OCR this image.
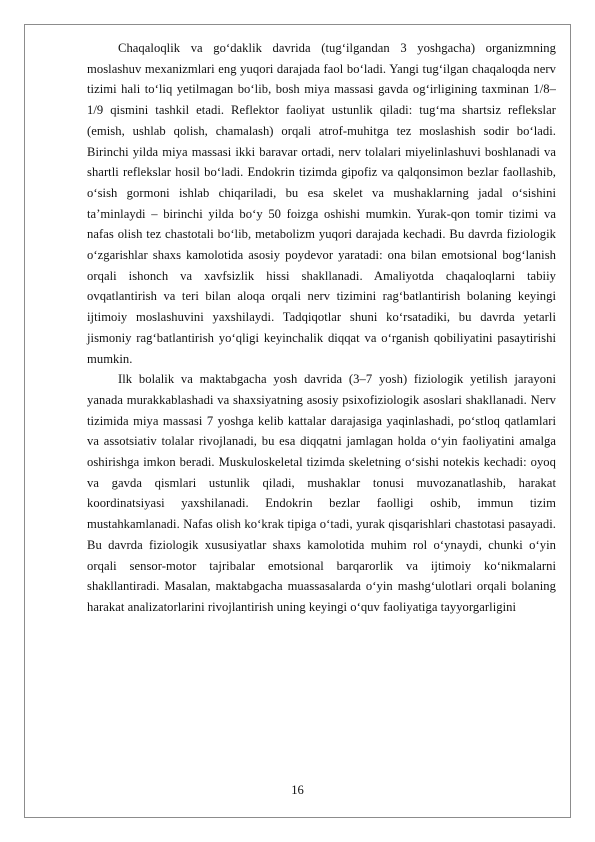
Chaqaloqlik va go‘daklik davrida (tug‘ilgandan 3 yoshgacha) organizmning moslashuv mexanizmlari eng yuqori darajada faol bo‘ladi. Yangi tug‘ilgan chaqaloqda nerv tizimi hali to‘liq yetilmagan bo‘lib, bosh miya massasi gavda og‘irligining taxminan 1/8–1/9 qismini tashkil etadi. Reflektor faoliyat ustunlik qiladi: tug‘ma shartsiz reflekslar (emish, ushlab qolish, chamalash) orqali atrof-muhitga tez moslashish sodir bo‘ladi. Birinchi yilda miya massasi ikki baravar ortadi, nerv tolalari miyelinlashuvi boshlanadi va shartli reflekslar hosil bo‘ladi. Endokrin tizimda gipofiz va qalqonsimon bezlar faollashib, o‘sish gormoni ishlab chiqariladi, bu esa skelet va mushaklarning jadal o‘sishini ta’minlaydi – birinchi yilda bo‘y 50 foizga oshishi mumkin. Yurak-qon tomir tizimi va nafas olish tez chastotali bo‘lib, metabolizm yuqori darajada kechadi. Bu davrda fiziologik o‘zgarishlar shaxs kamolotida asosiy poydevor yaratadi: ona bilan emotsional bog‘lanish orqali ishonch va xavfsizlik hissi shakllanadi. Amaliyotda chaqaloqlarni tabiiy ovqatlantirish va teri bilan aloqa orqali nerv tizimini rag‘batlantirish bolaning keyingi ijtimoiy moslashuvini yaxshilaydi. Tadqiqotlar shuni ko‘rsatadiki, bu davrda yetarli jismoniy rag‘batlantirish yo‘qligi keyinchalik diqqat va o‘rganish qobiliyatini pasaytirishi mumkin.

Ilk bolalik va maktabgacha yosh davrida (3–7 yosh) fiziologik yetilish jarayoni yanada murakkablashadi va shaxsiyatning asosiy psixofiziologik asoslari shakllanadi. Nerv tizimida miya massasi 7 yoshga kelib kattalar darajasiga yaqinlashadi, po‘stloq qatlamlari va assotsiativ tolalar rivojlanadi, bu esa diqqatni jamlagan holda o‘yin faoliyatini amalga oshirishga imkon beradi. Muskuloskeletal tizimda skeletning o‘sishi notekis kechadi: oyoq va gavda qismlari ustunlik qiladi, mushaklar tonusi muvozanatlashib, harakat koordinatsiyasi yaxshilanadi. Endokrin bezlar faolligi oshib, immun tizim mustahkamlanadi. Nafas olish ko‘krak tipiga o‘tadi, yurak qisqarishlari chastotasi pasayadi. Bu davrda fiziologik xususiyatlar shaxs kamolotida muhim rol o‘ynaydi, chunki o‘yin orqali sensor-motor tajribalar emotsional barqarorlik va ijtimoiy ko‘nikmalarni shakllantiradi. Masalan, maktabgacha muassasalarda o‘yin mashg‘ulotlari orqali bolaning harakat analizatorlarini rivojlantirish uning keyingi o‘quv faoliyatiga tayyorgarligini

16
